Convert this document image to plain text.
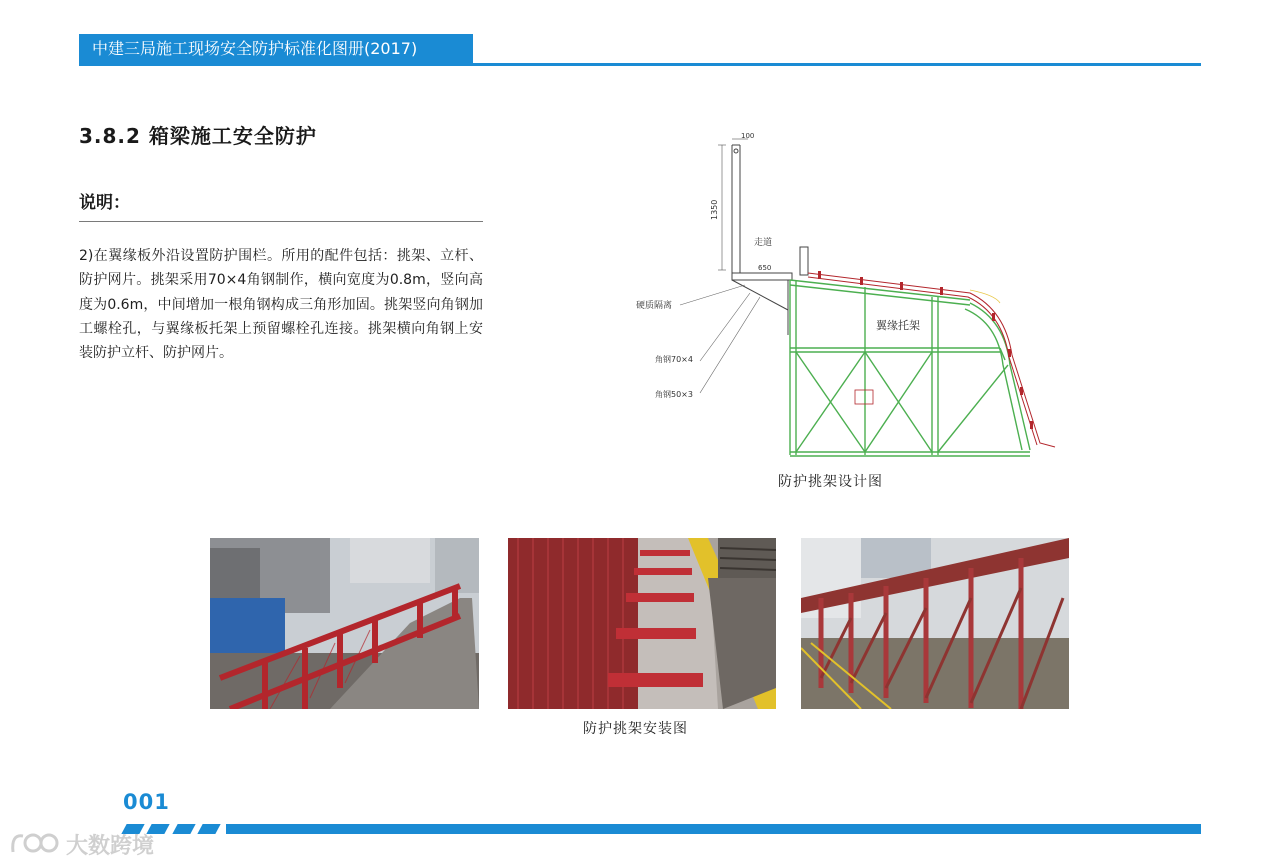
中建三局施工现场安全防护标准化图册(2017)
3.8.2 箱梁施工安全防护
说明：
2)在翼缘板外沿设置防护围栏。所用的配件包括：挑架、立杆、防护网片。挑架采用70×4角钢制作，横向宽度为0.8m，竖向高度为0.6m，中间增加一根角钢构成三角形加固。挑架竖向角钢加工螺栓孔，与翼缘板托架上预留螺栓孔连接。挑架横向角钢上安装防护立杆、防护网片。
1350
100
走道
650
硬质隔离
角钢70×4
角钢50×3
翼缘托架
防护挑架设计图
防护挑架安装图
001
大数跨境
